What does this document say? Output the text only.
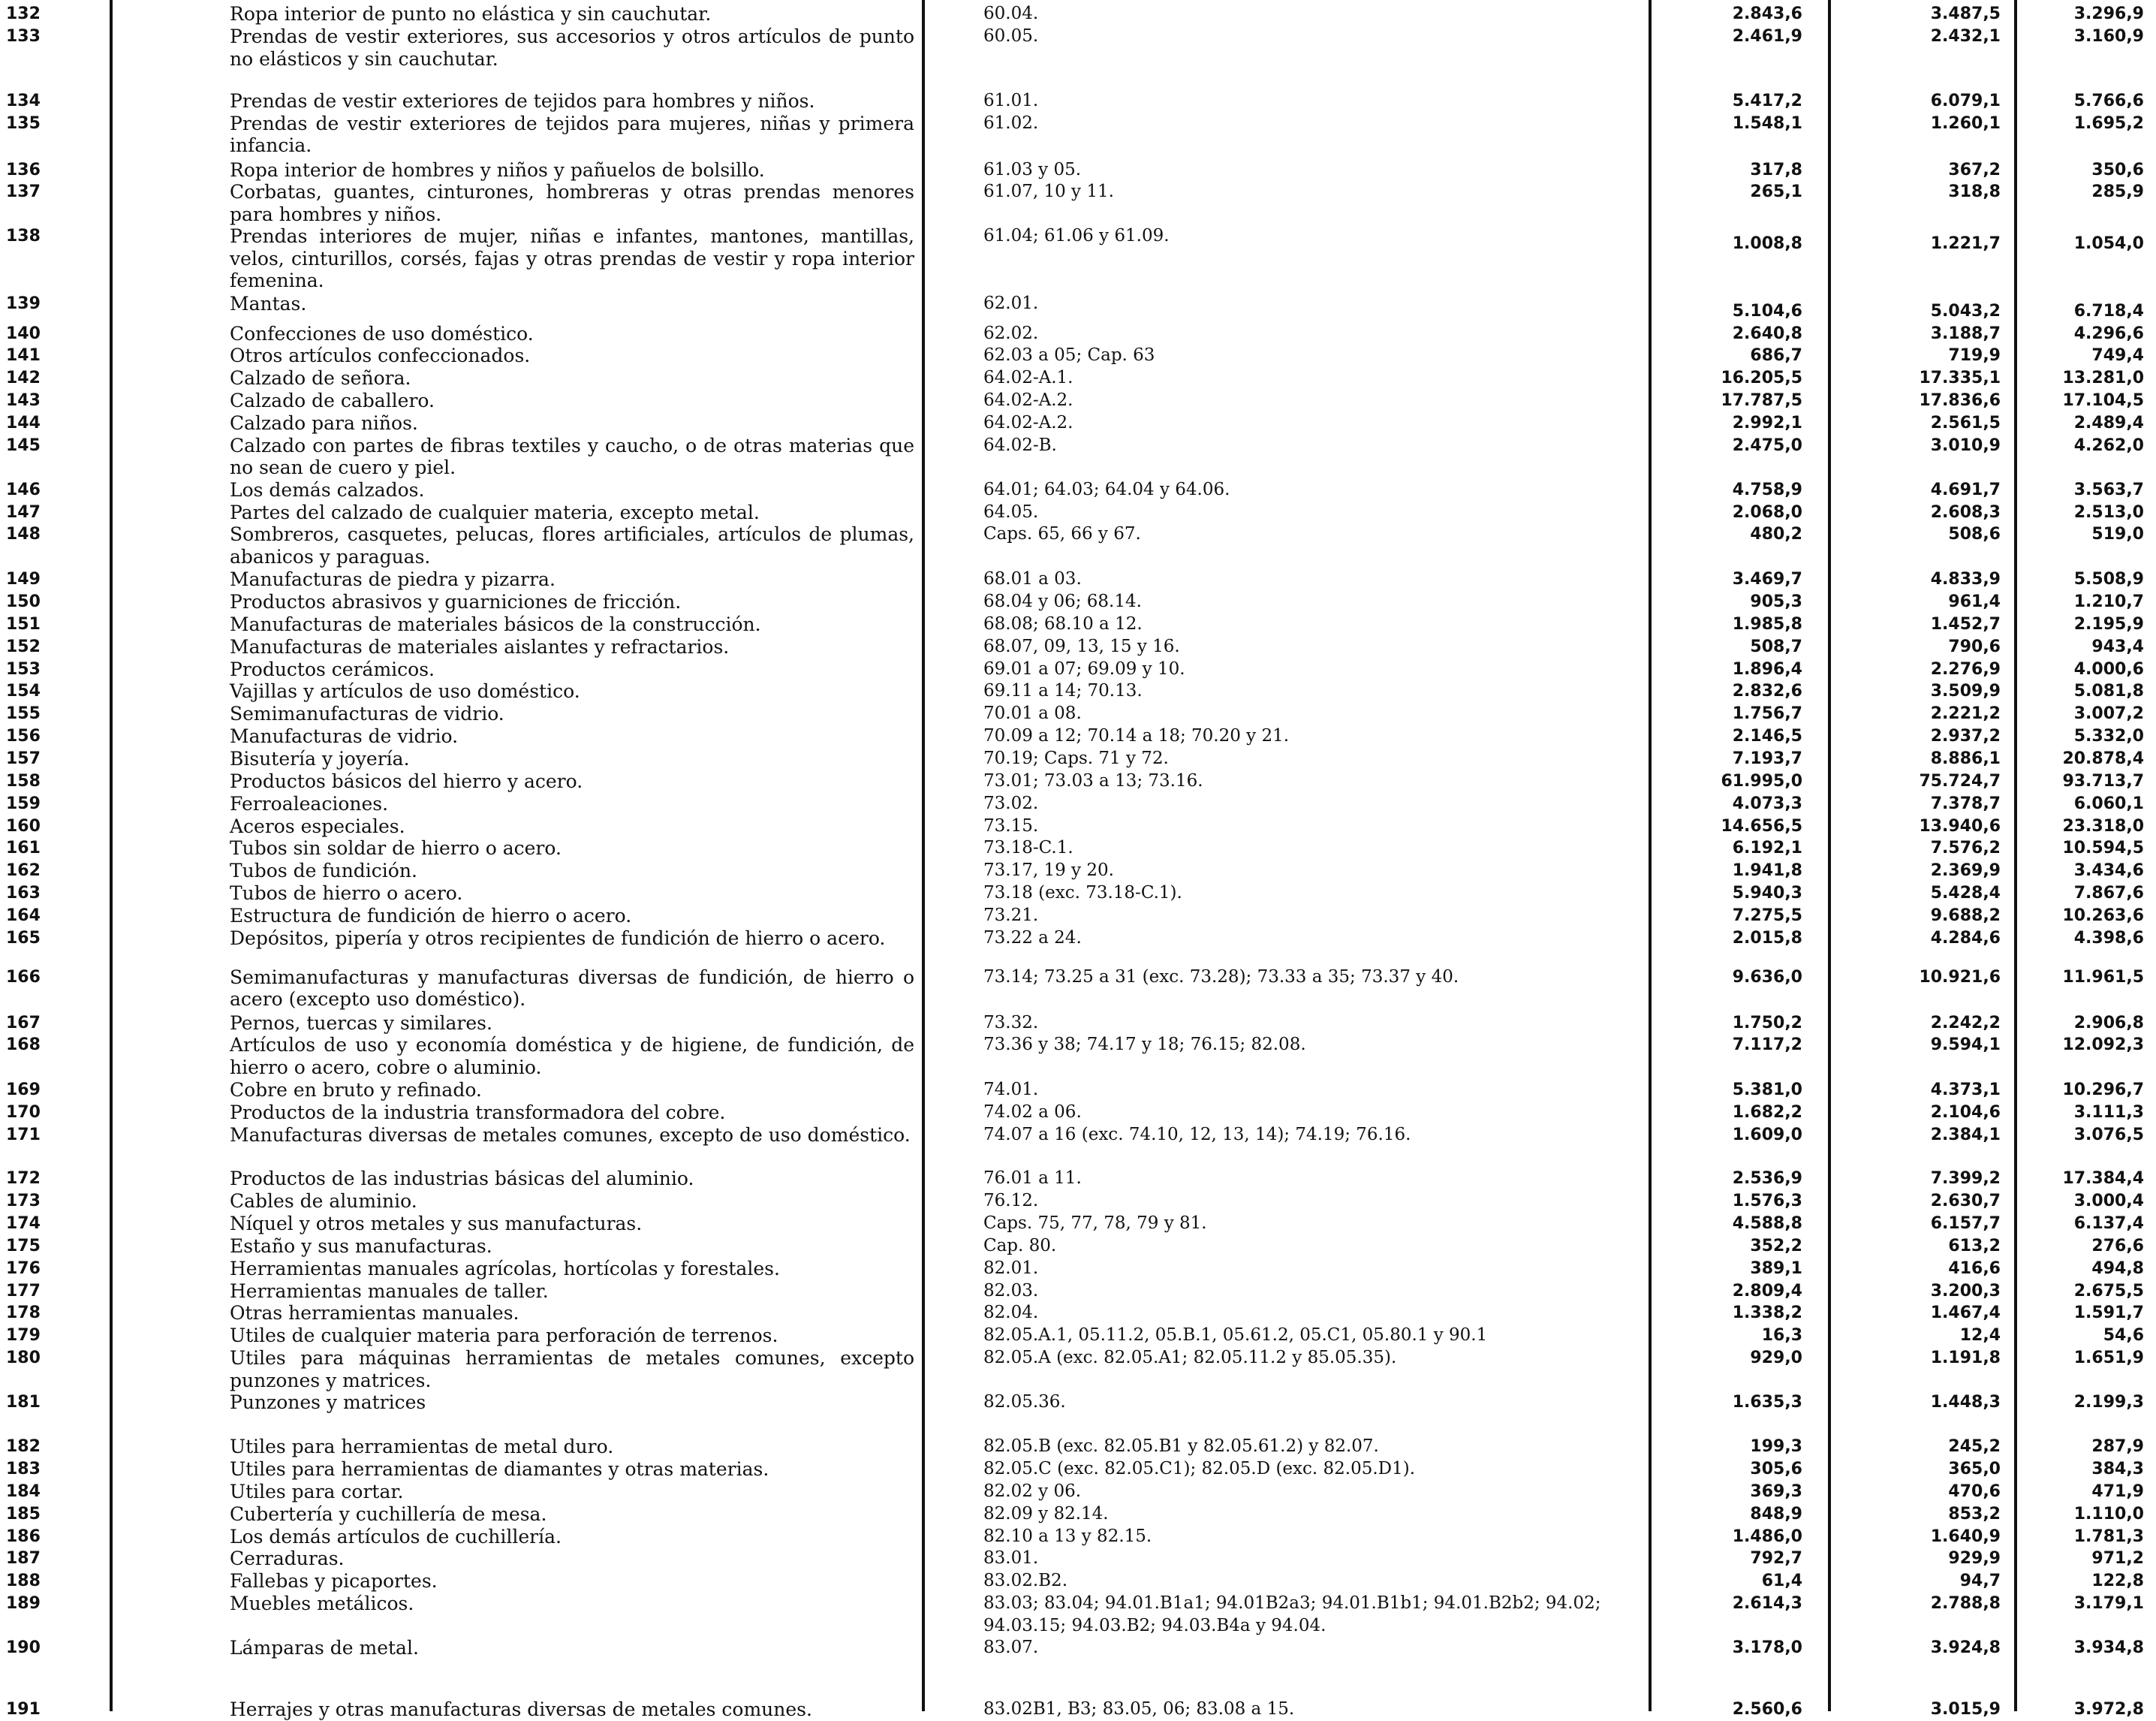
132	Ropa interior de punto no elástica y sin cauchutar.	60.04.	2.843,6	3.487,5	3.296,9
133	Prendas de vestir exteriores, sus accesorios y otros artículos de punto no elásticos y sin cauchutar.	60.05.	2.461,9	2.432,1	3.160,9
134	Prendas de vestir exteriores de tejidos para hombres y niños.	61.01.	5.417,2	6.079,1	5.766,6
135	Prendas de vestir exteriores de tejidos para mujeres, niñas y primera infancia.	61.02.	1.548,1	1.260,1	1.695,2
136	Ropa interior de hombres y niños y pañuelos de bolsillo.	61.03 y 05.	317,8	367,2	350,6
137	Corbatas, guantes, cinturones, hombreras y otras prendas menores para hombres y niños.	61.07, 10 y 11.	265,1	318,8	285,9
138	Prendas interiores de mujer, niñas e infantes, mantones, mantillas, velos, cinturillos, corsés, fajas y otras prendas de vestir y ropa interior femenina.	61.04; 61.06 y 61.09.	1.008,8	1.221,7	1.054,0
139	Mantas.	62.01.	5.104,6	5.043,2	6.718,4
140	Confecciones de uso doméstico.	62.02.	2.640,8	3.188,7	4.296,6
141	Otros artículos confeccionados.	62.03 a 05; Cap. 63	686,7	719,9	749,4
142	Calzado de señora.	64.02-A.1.	16.205,5	17.335,1	13.281,0
143	Calzado de caballero.	64.02-A.2.	17.787,5	17.836,6	17.104,5
144	Calzado para niños.	64.02-A.2.	2.992,1	2.561,5	2.489,4
145	Calzado con partes de fibras textiles y caucho, o de otras materias que no sean de cuero y piel.	64.02-B.	2.475,0	3.010,9	4.262,0
146	Los demás calzados.	64.01; 64.03; 64.04 y 64.06.	4.758,9	4.691,7	3.563,7
147	Partes del calzado de cualquier materia, excepto metal.	64.05.	2.068,0	2.608,3	2.513,0
148	Sombreros, casquetes, pelucas, flores artificiales, artículos de plumas, abanicos y paraguas.	Caps. 65, 66 y 67.	480,2	508,6	519,0
149	Manufacturas de piedra y pizarra.	68.01 a 03.	3.469,7	4.833,9	5.508,9
150	Productos abrasivos y guarniciones de fricción.	68.04 y 06; 68.14.	905,3	961,4	1.210,7
151	Manufacturas de materiales básicos de la construcción.	68.08; 68.10 a 12.	1.985,8	1.452,7	2.195,9
152	Manufacturas de materiales aislantes y refractarios.	68.07, 09, 13, 15 y 16.	508,7	790,6	943,4
153	Productos cerámicos.	69.01 a 07; 69.09 y 10.	1.896,4	2.276,9	4.000,6
154	Vajillas y artículos de uso doméstico.	69.11 a 14; 70.13.	2.832,6	3.509,9	5.081,8
155	Semimanufacturas de vidrio.	70.01 a 08.	1.756,7	2.221,2	3.007,2
156	Manufacturas de vidrio.	70.09 a 12; 70.14 a 18; 70.20 y 21.	2.146,5	2.937,2	5.332,0
157	Bisutería y joyería.	70.19; Caps. 71 y 72.	7.193,7	8.886,1	20.878,4
158	Productos básicos del hierro y acero.	73.01; 73.03 a 13; 73.16.	61.995,0	75.724,7	93.713,7
159	Ferroaleaciones.	73.02.	4.073,3	7.378,7	6.060,1
160	Aceros especiales.	73.15.	14.656,5	13.940,6	23.318,0
161	Tubos sin soldar de hierro o acero.	73.18-C.1.	6.192,1	7.576,2	10.594,5
162	Tubos de fundición.	73.17, 19 y 20.	1.941,8	2.369,9	3.434,6
163	Tubos de hierro o acero.	73.18 (exc. 73.18-C.1).	5.940,3	5.428,4	7.867,6
164	Estructura de fundición de hierro o acero.	73.21.	7.275,5	9.688,2	10.263,6
165	Depósitos, pipería y otros recipientes de fundición de hierro o acero.	73.22 a 24.	2.015,8	4.284,6	4.398,6
166	Semimanufacturas y manufacturas diversas de fundición, de hierro o acero (excepto uso doméstico).	73.14; 73.25 a 31 (exc. 73.28); 73.33 a 35; 73.37 y 40.	9.636,0	10.921,6	11.961,5
167	Pernos, tuercas y similares.	73.32.	1.750,2	2.242,2	2.906,8
168	Artículos de uso y economía doméstica y de higiene, de fundición, de hierro o acero, cobre o aluminio.	73.36 y 38; 74.17 y 18; 76.15; 82.08.	7.117,2	9.594,1	12.092,3
169	Cobre en bruto y refinado.	74.01.	5.381,0	4.373,1	10.296,7
170	Productos de la industria transformadora del cobre.	74.02 a 06.	1.682,2	2.104,6	3.111,3
171	Manufacturas diversas de metales comunes, excepto de uso doméstico.	74.07 a 16 (exc. 74.10, 12, 13, 14); 74.19; 76.16.	1.609,0	2.384,1	3.076,5
172	Productos de las industrias básicas del aluminio.	76.01 a 11.	2.536,9	7.399,2	17.384,4
173	Cables de aluminio.	76.12.	1.576,3	2.630,7	3.000,4
174	Níquel y otros metales y sus manufacturas.	Caps. 75, 77, 78, 79 y 81.	4.588,8	6.157,7	6.137,4
175	Estaño y sus manufacturas.	Cap. 80.	352,2	613,2	276,6
176	Herramientas manuales agrícolas, hortícolas y forestales.	82.01.	389,1	416,6	494,8
177	Herramientas manuales de taller.	82.03.	2.809,4	3.200,3	2.675,5
178	Otras herramientas manuales.	82.04.	1.338,2	1.467,4	1.591,7
179	Utiles de cualquier materia para perforación de terrenos.	82.05.A.1, 05.11.2, 05.B.1, 05.61.2, 05.C1, 05.80.1 y 90.1	16,3	12,4	54,6
180	Utiles para máquinas herramientas de metales comunes, excepto punzones y matrices.	82.05.A (exc. 82.05.A1; 82.05.11.2 y 85.05.35).	929,0	1.191,8	1.651,9
181	Punzones y matrices	82.05.36.	1.635,3	1.448,3	2.199,3
182	Utiles para herramientas de metal duro.	82.05.B (exc. 82.05.B1 y 82.05.61.2) y 82.07.	199,3	245,2	287,9
183	Utiles para herramientas de diamantes y otras materias.	82.05.C (exc. 82.05.C1); 82.05.D (exc. 82.05.D1).	305,6	365,0	384,3
184	Utiles para cortar.	82.02 y 06.	369,3	470,6	471,9
185	Cubertería y cuchillería de mesa.	82.09 y 82.14.	848,9	853,2	1.110,0
186	Los demás artículos de cuchillería.	82.10 a 13 y 82.15.	1.486,0	1.640,9	1.781,3
187	Cerraduras.	83.01.	792,7	929,9	971,2
188	Fallebas y picaportes.	83.02.B2.	61,4	94,7	122,8
189	Muebles metálicos.	83.03; 83.04; 94.01.B1a1; 94.01B2a3; 94.01.B1b1; 94.01.B2b2; 94.02; 94.03.15; 94.03.B2; 94.03.B4a y 94.04.	2.614,3	2.788,8	3.179,1
190	Lámparas de metal.	83.07.	3.178,0	3.924,8	3.934,8
191	Herrajes y otras manufacturas diversas de metales comunes.	83.02B1, B3; 83.05, 06; 83.08 a 15.	2.560,6	3.015,9	3.972,8
